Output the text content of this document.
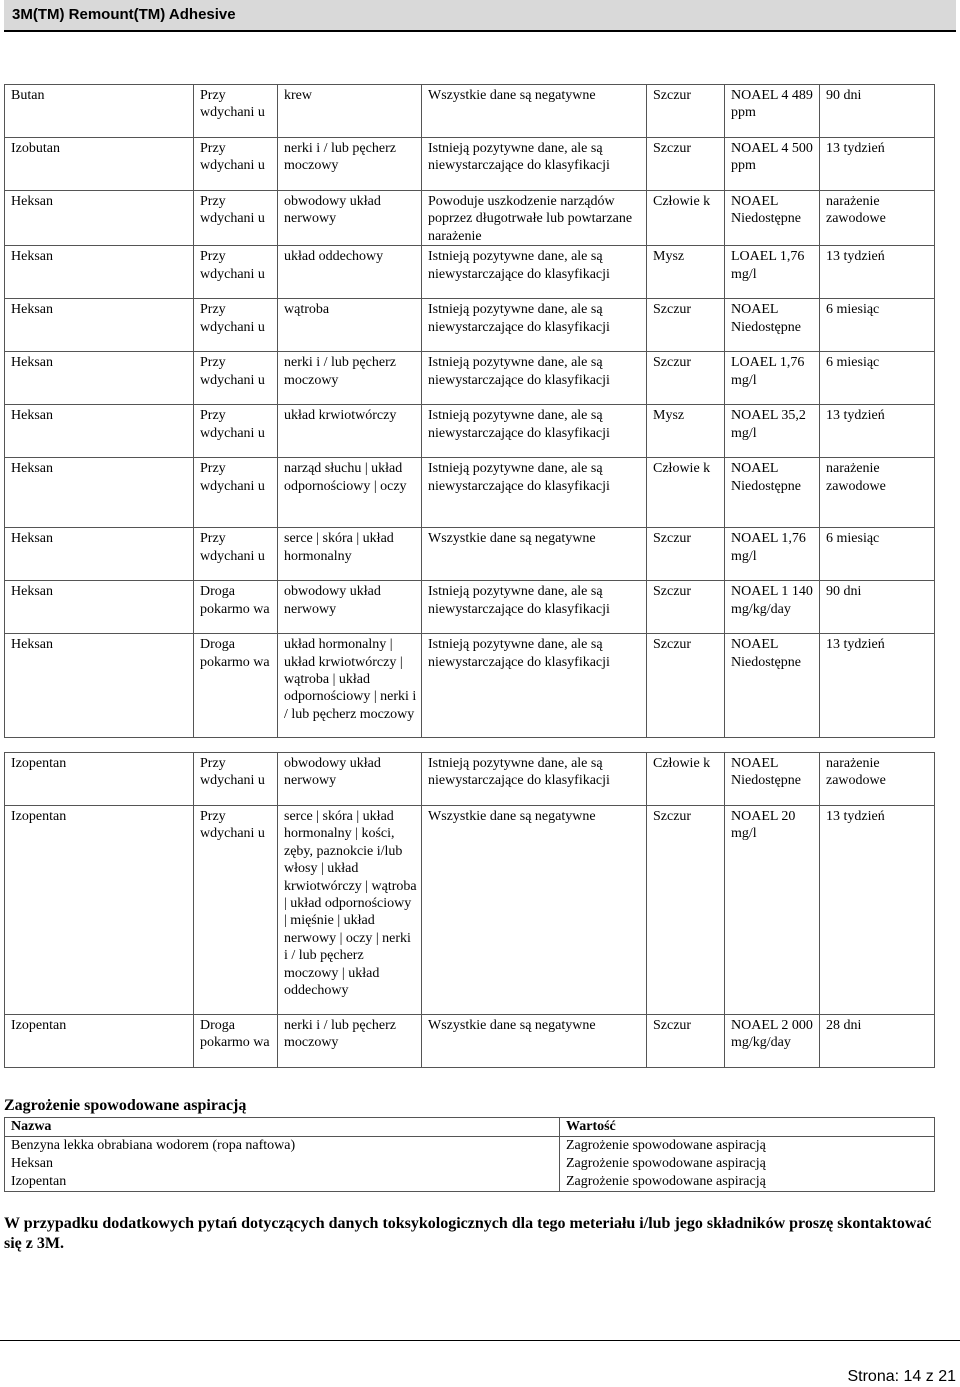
3M(TM) Remount(TM) Adhesive
Butan	Przy wdychani u	krew	Wszystkie dane są negatywne	Szczur	NOAEL 4 489 ppm	90 dni
Izobutan	Przy wdychani u	nerki i / lub pęcherz moczowy	Istnieją pozytywne dane, ale są niewystarczające do klasyfikacji	Szczur	NOAEL 4 500 ppm	13 tydzień
Heksan	Przy wdychani u	obwodowy układ nerwowy	Powoduje uszkodzenie narządów poprzez długotrwałe lub powtarzane narażenie	Człowie k	NOAEL Niedostępne	narażenie zawodowe
Heksan	Przy wdychani u	układ oddechowy	Istnieją pozytywne dane, ale są niewystarczające do klasyfikacji	Mysz	LOAEL 1,76 mg/l	13 tydzień
Heksan	Przy wdychani u	wątroba	Istnieją pozytywne dane, ale są niewystarczające do klasyfikacji	Szczur	NOAEL Niedostępne	6 miesiąc
Heksan	Przy wdychani u	nerki i / lub pęcherz moczowy	Istnieją pozytywne dane, ale są niewystarczające do klasyfikacji	Szczur	LOAEL 1,76 mg/l	6 miesiąc
Heksan	Przy wdychani u	układ krwiotwórczy	Istnieją pozytywne dane, ale są niewystarczające do klasyfikacji	Mysz	NOAEL 35,2 mg/l	13 tydzień
Heksan	Przy wdychani u	narząd słuchu | układ odpornościowy | oczy	Istnieją pozytywne dane, ale są niewystarczające do klasyfikacji	Człowie k	NOAEL Niedostępne	narażenie zawodowe
Heksan	Przy wdychani u	serce | skóra | układ hormonalny	Wszystkie dane są negatywne	Szczur	NOAEL 1,76 mg/l	6 miesiąc
Heksan	Droga pokarmo wa	obwodowy układ nerwowy	Istnieją pozytywne dane, ale są niewystarczające do klasyfikacji	Szczur	NOAEL 1 140 mg/kg/day	90 dni
Heksan	Droga pokarmo wa	układ hormonalny | układ krwiotwórczy | wątroba | układ odpornościowy | nerki i / lub pęcherz moczowy	Istnieją pozytywne dane, ale są niewystarczające do klasyfikacji	Szczur	NOAEL Niedostępne	13 tydzień
Izopentan	Przy wdychani u	obwodowy układ nerwowy	Istnieją pozytywne dane, ale są niewystarczające do klasyfikacji	Człowie k	NOAEL Niedostępne	narażenie zawodowe
Izopentan	Przy wdychani u	serce | skóra | układ hormonalny | kości, zęby, paznokcie i/lub włosy | układ krwiotwórczy | wątroba | układ odpornościowy | mięśnie | układ nerwowy | oczy | nerki i / lub pęcherz moczowy | układ oddechowy	Wszystkie dane są negatywne	Szczur	NOAEL 20 mg/l	13 tydzień
Izopentan	Droga pokarmo wa	nerki i / lub pęcherz moczowy	Wszystkie dane są negatywne	Szczur	NOAEL 2 000 mg/kg/day	28 dni
Zagrożenie spowodowane aspiracją
Nazwa	Wartość
Benzyna lekka obrabiana wodorem (ropa naftowa)	Zagrożenie spowodowane aspiracją
Heksan	Zagrożenie spowodowane aspiracją
Izopentan	Zagrożenie spowodowane aspiracją
W przypadku dodatkowych pytań dotyczących danych toksykologicznych dla tego meteriału i/lub jego składników proszę skontaktować się z 3M.
Strona: 14 z 21
